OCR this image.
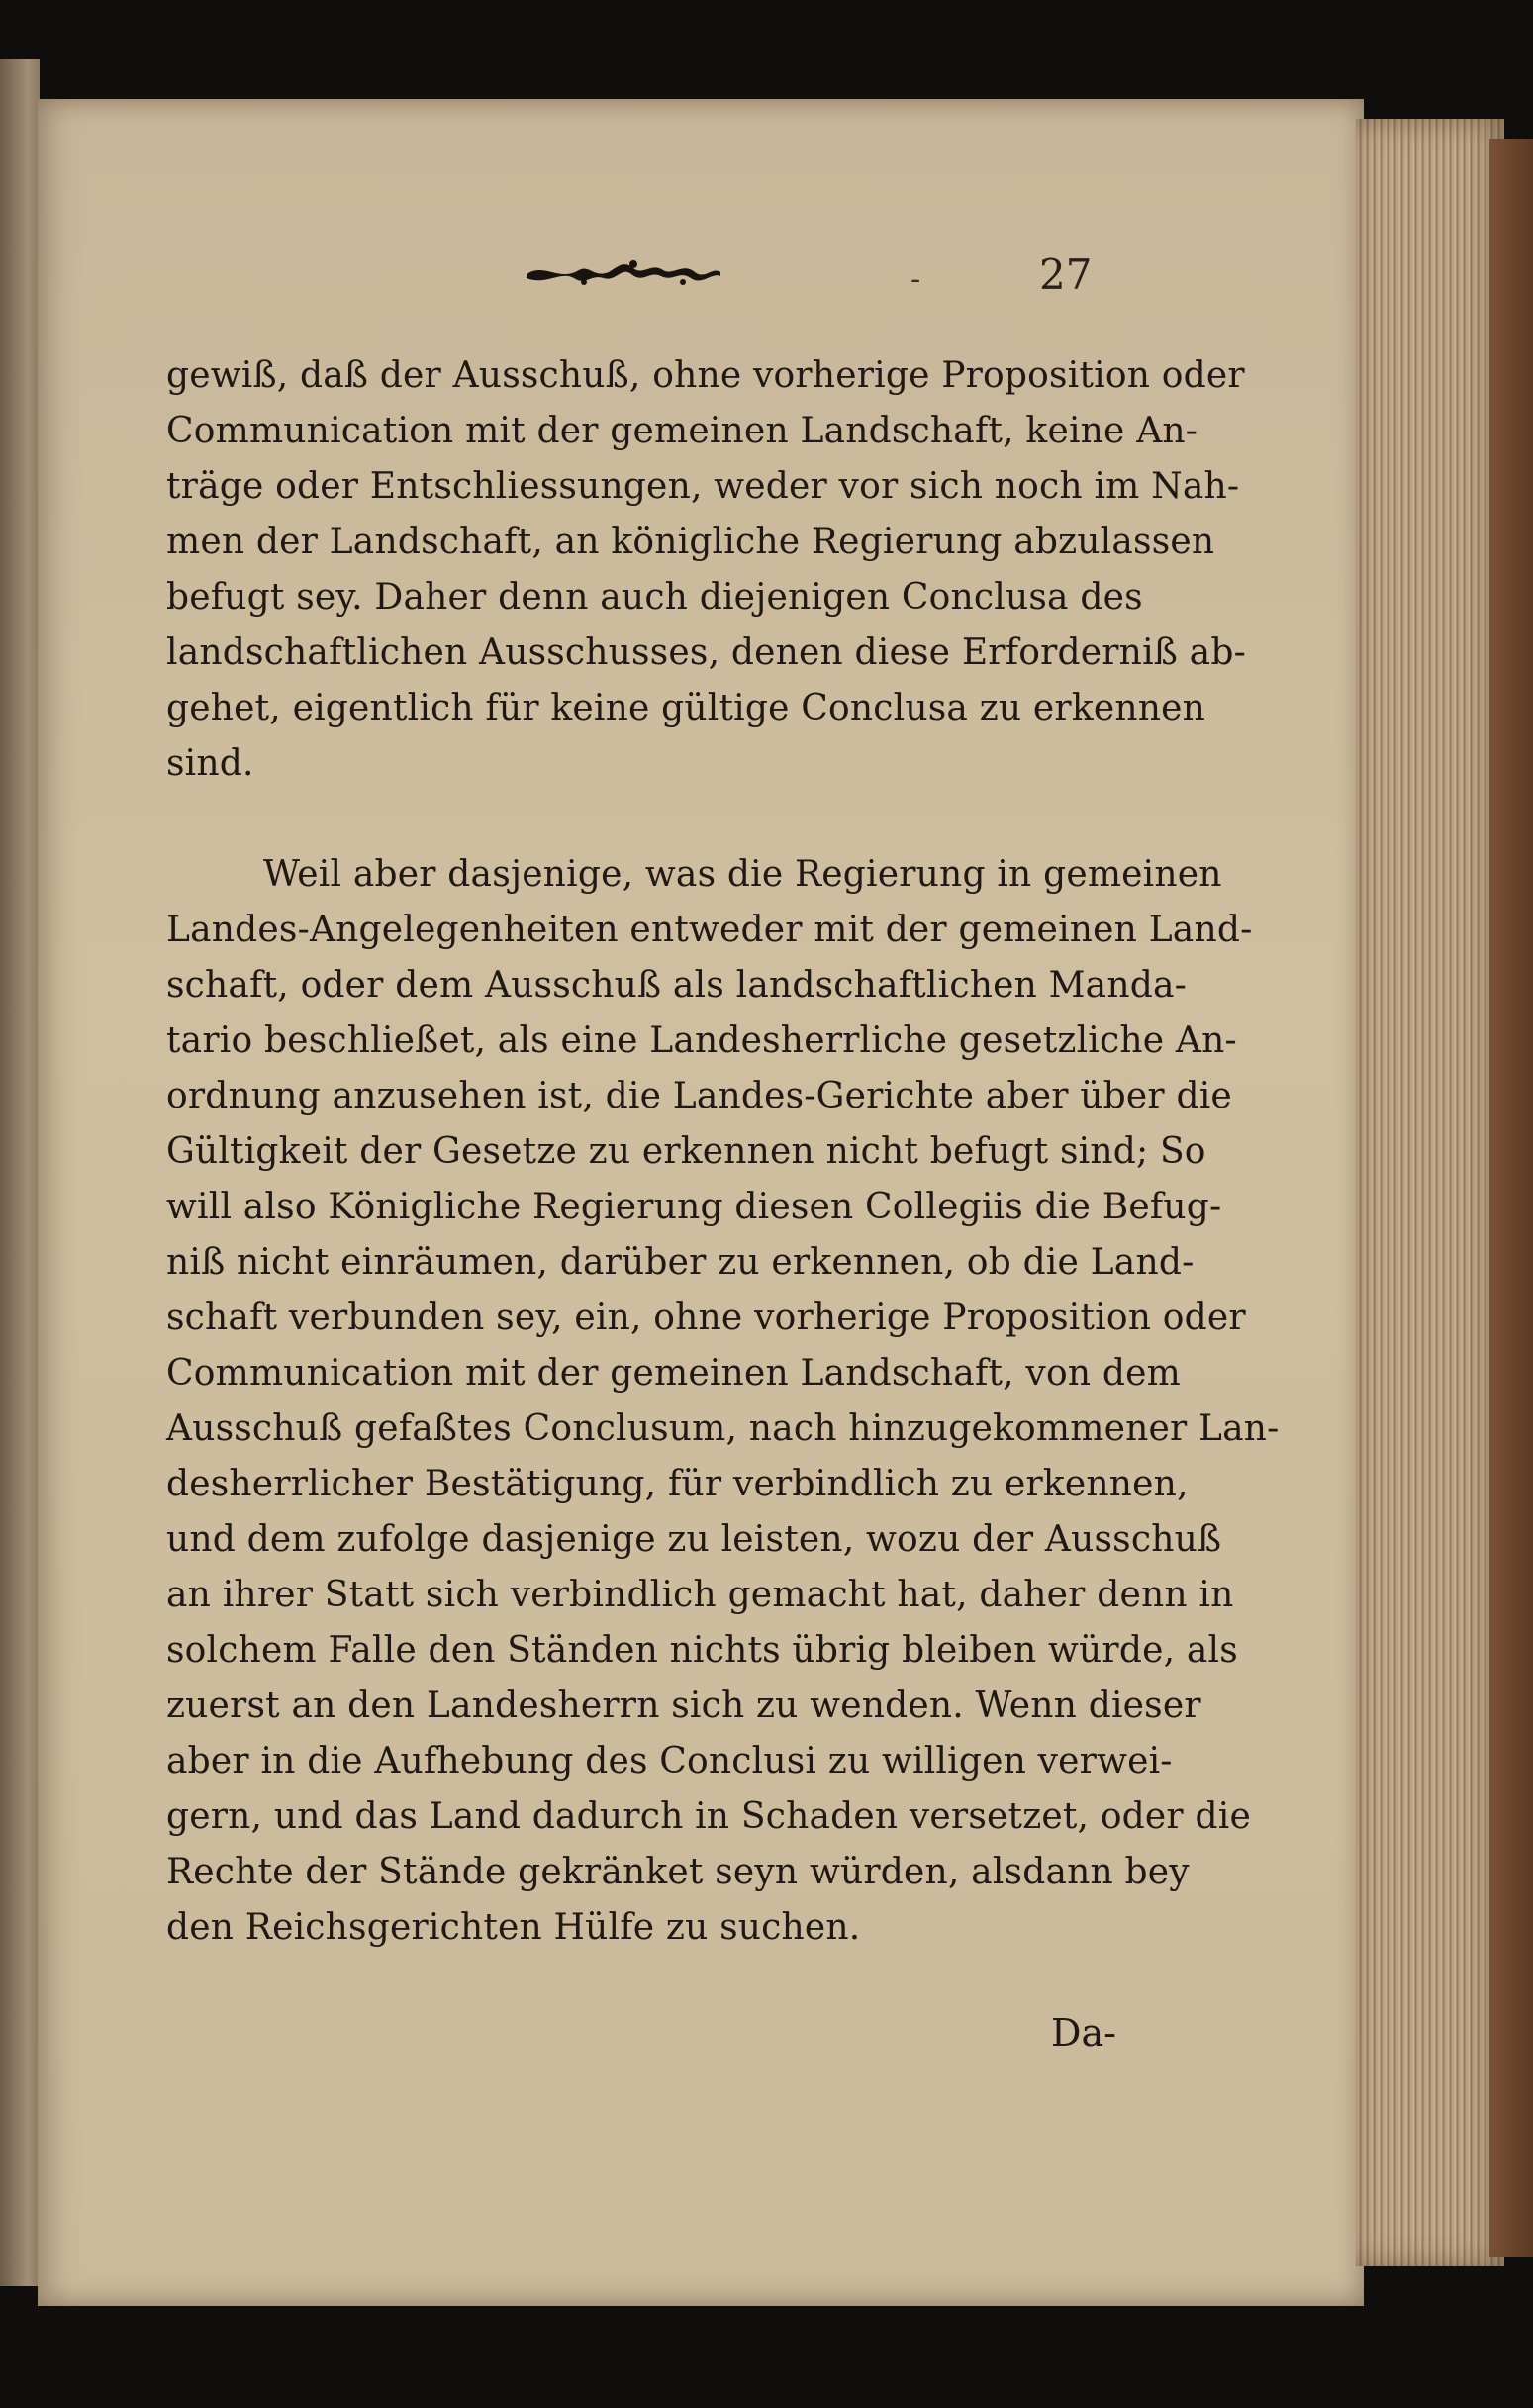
-	27
gewiß, daß der Ausschuß, ohne vorherige Proposition oder
Communication mit der gemeinen Landschaft, keine An-
träge oder Entschliessungen, weder vor sich noch im Nah-
men der Landschaft, an königliche Regierung abzulassen
befugt sey. Daher denn auch diejenigen Conclusa des
landschaftlichen Ausschusses, denen diese Erforderniß ab-
gehet, eigentlich für keine gültige Conclusa zu erkennen
sind.
Weil aber dasjenige, was die Regierung in gemeinen
Landes-Angelegenheiten entweder mit der gemeinen Land-
schaft, oder dem Ausschuß als landschaftlichen Manda-
tario beschließet, als eine Landesherrliche gesetzliche An-
ordnung anzusehen ist, die Landes-Gerichte aber über die
Gültigkeit der Gesetze zu erkennen nicht befugt sind; So
will also Königliche Regierung diesen Collegiis die Befug-
niß nicht einräumen, darüber zu erkennen, ob die Land-
schaft verbunden sey, ein, ohne vorherige Proposition oder
Communication mit der gemeinen Landschaft, von dem
Ausschuß gefaßtes Conclusum, nach hinzugekommener Lan-
desherrlicher Bestätigung, für verbindlich zu erkennen,
und dem zufolge dasjenige zu leisten, wozu der Ausschuß
an ihrer Statt sich verbindlich gemacht hat, daher denn in
solchem Falle den Ständen nichts übrig bleiben würde, als
zuerst an den Landesherrn sich zu wenden. Wenn dieser
aber in die Aufhebung des Conclusi zu willigen verwei-
gern, und das Land dadurch in Schaden versetzet, oder die
Rechte der Stände gekränket seyn würden, alsdann bey
den Reichsgerichten Hülfe zu suchen.
Da-
